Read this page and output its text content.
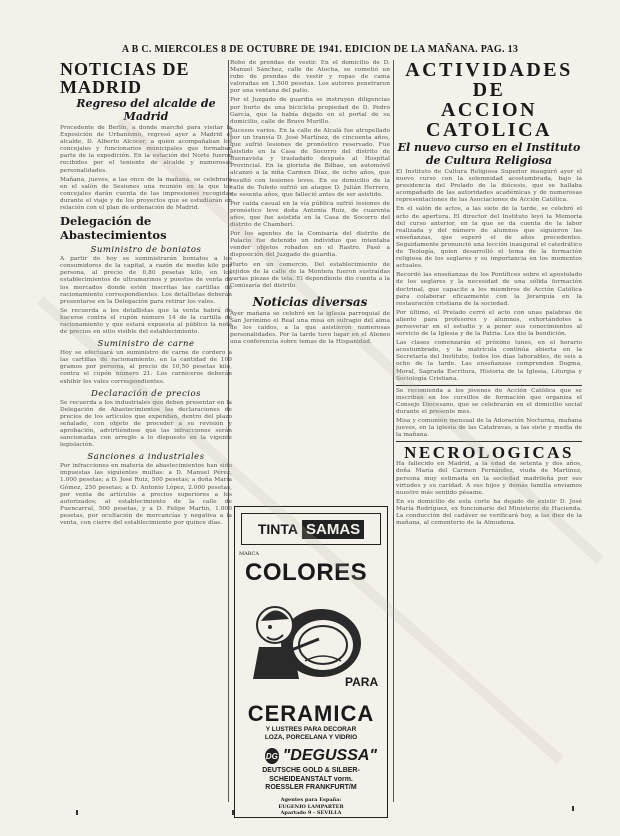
A B C. MIERCOLES 8 DE OCTUBRE DE 1941. EDICION DE LA MAÑANA. PAG. 13
NOTICIAS DE MADRID
Regreso del alcalde de Madrid

Procedente de Berlín, a donde marchó para visitar la Exposición de Urbanismo, regresó ayer a Madrid el alcalde, D. Alberto Alcocer, a quien acompañaban los concejales y funcionarios municipales que formaban parte de la expedición. En la estación del Norte fueron recibidos por el teniente de alcalde y numerosas personalidades.

Mañana, jueves, a las once de la mañana, se celebrará en el salón de Sesiones una reunión en la que los concejales darán cuenta de las impresiones recogidas durante el viaje y de los proyectos que se estudiarán en relación con el plan de ordenación de Madrid.

Delegación de Abastecimientos
Suministro de boniatos

A partir de hoy se suministrarán boniatos a los consumidores de la capital, a razón de medio kilo por persona, al precio de 0,80 pesetas kilo, en los establecimientos de ultramarinos y puestos de venta de los mercados donde estén inscritas las cartillas de racionamiento correspondientes. Los detallistas deberán presentarse en la Delegación para retirar los vales.

Se recuerda a los detallistas que la venta habrá de hacerse contra el cupón número 14 de la cartilla de racionamiento y que estará expuesta al público la nota de precios en sitio visible del establecimiento.

Suministro de carne

Hoy se efectuará un suministro de carne de cordero a las cartillas de racionamiento, en la cantidad de 100 gramos por persona, al precio de 10,50 pesetas kilo, contra el cupón número 21. Los carniceros deberán exhibir los vales correspondientes.

Declaración de precios

Se recuerda a los industriales que deben presentar en la Delegación de Abastecimientos las declaraciones de precios de los artículos que expendan, dentro del plazo señalado, con objeto de proceder a su revisión y aprobación, advirtiéndose que las infracciones serán sancionadas con arreglo a lo dispuesto en la vigente legislación.

Sanciones a industriales

Por infracciones en materia de abastecimientos han sido impuestas las siguientes multas: a D. Manuel Pérez, 1.000 pesetas; a D. José Ruiz, 500 pesetas; a doña María Gómez, 250 pesetas; a D. Antonio López, 2.000 pesetas, por venta de artículos a precios superiores a los autorizados; al establecimiento de la calle de Fuencarral, 500 pesetas, y a D. Felipe Martín, 1.000 pesetas, por ocultación de mercancías y negativa a la venta, con cierre del establecimiento por quince días.

Robo de prendas de vestir. En el domicilio de D. Manuel Sánchez, calle de Atocha, se cometió un robo de prendas de vestir y ropas de cama valoradas en 1.500 pesetas. Los autores penetraron por una ventana del patio.

Por el Juzgado de guardia se instruyen diligencias por hurto de una bicicleta propiedad de D. Pedro García, que la había dejado en el portal de su domicilio, calle de Bravo Murillo.

Sucesos varios. En la calle de Alcalá fue atropellado por un tranvía D. José Martínez, de cincuenta años, que sufrió lesiones de pronóstico reservado. Fue asistido en la Casa de Socorro del distrito de Buenavista y trasladado después al Hospital Provincial. En la glorieta de Bilbao, un automóvil alcanzó a la niña Carmen Díaz, de ocho años, que resultó con lesiones leves. En su domicilio de la calle de Toledo sufrió un ataque D. Julián Herrero, de sesenta años, que falleció antes de ser asistido.

Por caída casual en la vía pública sufrió lesiones de pronóstico leve doña Antonia Ruiz, de cuarenta años, que fue asistida en la Casa de Socorro del distrito de Chamberí.

Por los agentes de la Comisaría del distrito de Palacio fue detenido un individuo que intentaba vender objetos robados en el Rastro. Pasó a disposición del Juzgado de guardia.

Hurto en un comercio. Del establecimiento de tejidos de la calle de la Montera fueron sustraídas varias piezas de tela. El dependiente dio cuenta a la Comisaría del distrito.

Noticias diversas

Ayer mañana se celebró en la iglesia parroquial de San Jerónimo el Real una misa en sufragio del alma de los caídos, a la que asistieron numerosas personalidades. Por la tarde tuvo lugar en el Ateneo una conferencia sobre temas de la Hispanidad.

TINTA SAMAS
MARCA
COLORES
PARA
CERAMICA
Y LUSTRES PARA DECORAR
LOZA, PORCELANA Y VIDRIO
DG "DEGUSSA"
DEUTSCHE GOLD & SILBER-
SCHEIDEANSTALT vorm.
ROESSLER FRANKFURT/M
Agentes para España:
EUGENIO LAMPARTER
Apartado 9 - SEVILLA
ACTIVIDADES DE
ACCION CATOLICA
El nuevo curso en el Instituto de Cultura Religiosa

El Instituto de Cultura Religiosa Superior inauguró ayer el nuevo curso con la solemnidad acostumbrada, bajo la presidencia del Prelado de la diócesis, que se hallaba acompañado de las autoridades académicas y de numerosas representaciones de las Asociaciones de Acción Católica.

En el salón de actos, a las siete de la tarde, se celebró el acto de apertura. El director del Instituto leyó la Memoria del curso anterior, en la que se da cuenta de la labor realizada y del número de alumnos que siguieron las enseñanzas, que superó el de años precedentes. Seguidamente pronunció una lección inaugural el catedrático de Teología, quien desarrolló el tema de la formación religiosa de los seglares y su importancia en los momentos actuales.

Recordó las enseñanzas de los Pontífices sobre el apostolado de los seglares y la necesidad de una sólida formación doctrinal, que capacite a los miembros de Acción Católica para colaborar eficazmente con la Jerarquía en la restauración cristiana de la sociedad.

Por último, el Prelado cerró el acto con unas palabras de aliento para profesores y alumnos, exhortándoles a perseverar en el estudio y a poner sus conocimientos al servicio de la Iglesia y de la Patria. Les dio la bendición.

Las clases comenzarán el próximo lunes, en el horario acostumbrado, y la matrícula continúa abierta en la Secretaría del Instituto, todos los días laborables, de seis a ocho de la tarde. Las enseñanzas comprenden Dogma, Moral, Sagrada Escritura, Historia de la Iglesia, Liturgia y Sociología Cristiana.

Se recomienda a los jóvenes de Acción Católica que se inscriban en los cursillos de formación que organiza el Consejo Diocesano, que se celebrarán en el domicilio social durante el presente mes.

Misa y comunión mensual de la Adoración Nocturna, mañana jueves, en la iglesia de las Calatravas, a las siete y media de la mañana.

NECROLOGICAS

Ha fallecido en Madrid, a la edad de setenta y dos años, doña María del Carmen Fernández, viuda de Martínez, persona muy estimada en la sociedad madrileña por sus virtudes y su caridad. A sus hijos y demás familia enviamos nuestro más sentido pésame.

En su domicilio de esta corte ha dejado de existir D. José María Rodríguez, ex funcionario del Ministerio de Hacienda. La conducción del cadáver se verificará hoy, a las diez de la mañana, al cementerio de la Almudena.
